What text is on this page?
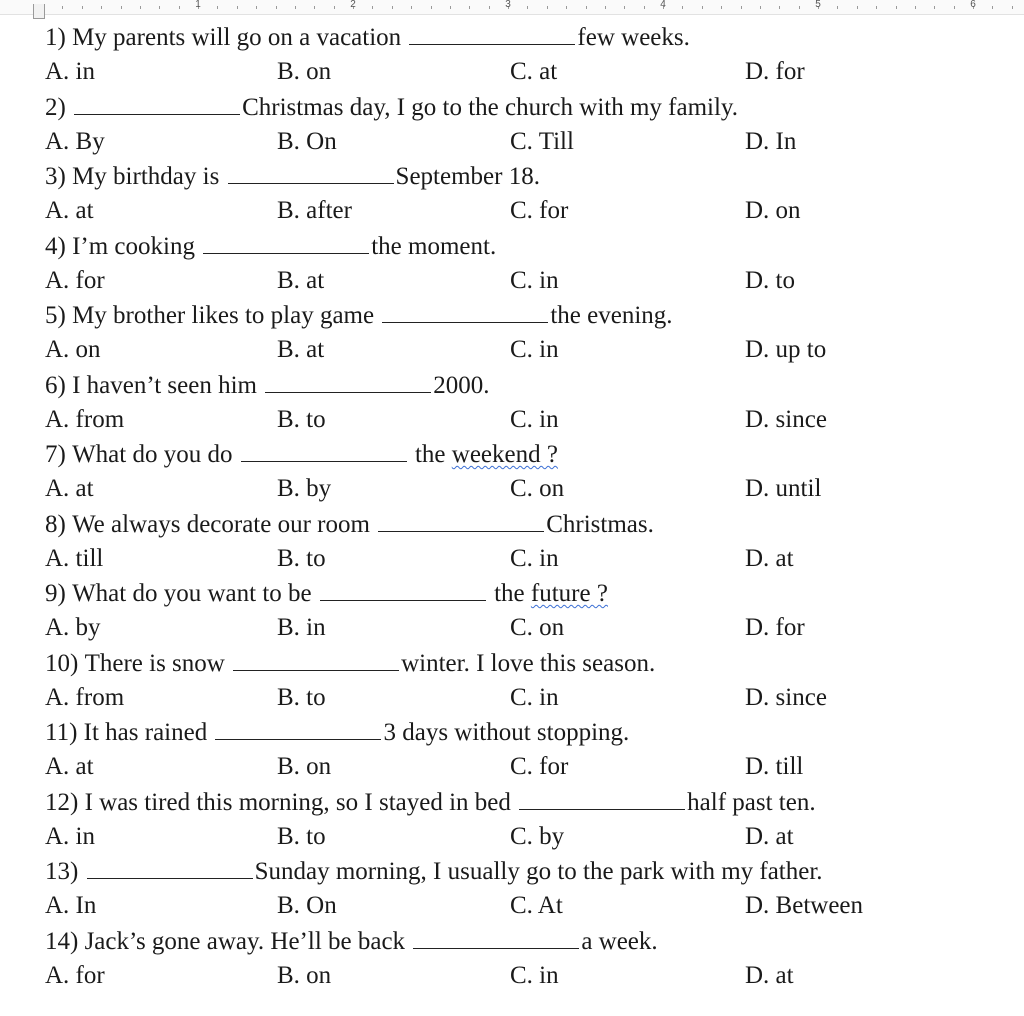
1	2	3	4	5	6
1) My parents will go on a vacation	few weeks.
A. in	B. on	C. at	D. for
2)	Christmas day, I go to the church with my family.
A. By	B. On	C. Till	D. In
3) My birthday is	September 18.
A. at	B. after	C. for	D. on
4) I’m cooking	the moment.
A. for	B. at	C. in	D. to
5) My brother likes to play game	the evening.
A. on	B. at	C. in	D. up to
6) I haven’t seen him	2000.
A. from	B. to	C. in	D. since
7) What do you do	the weekend ?
A. at	B. by	C. on	D. until
8) We always decorate our room	Christmas.
A. till	B. to	C. in	D. at
9) What do you want to be	the future ?
A. by	B. in	C. on	D. for
10) There is snow	winter. I love this season.
A. from	B. to	C. in	D. since
11) It has rained	3 days without stopping.
A. at	B. on	C. for	D. till
12) I was tired this morning, so I stayed in bed	half past ten.
A. in	B. to	C. by	D. at
13)	Sunday morning, I usually go to the park with my father.
A. In	B. On	C. At	D. Between
14) Jack’s gone away. He’ll be back	a week.
A. for	B. on	C. in	D. at
